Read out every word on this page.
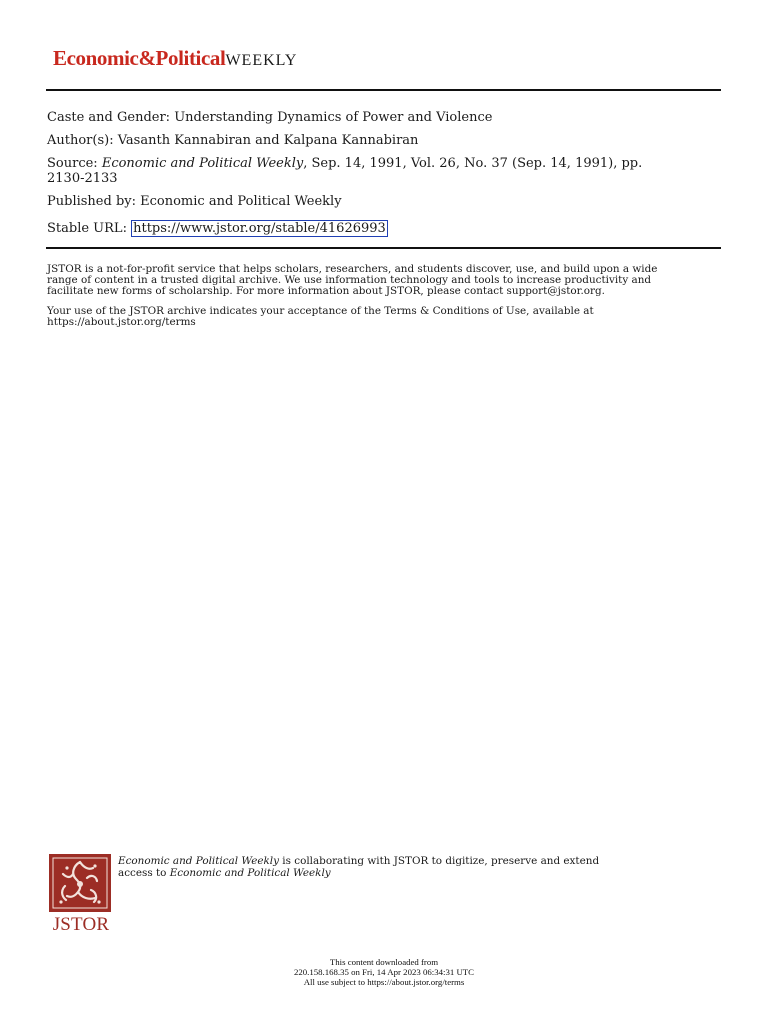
Economic&PoliticalWEEKLY
Caste and Gender: Understanding Dynamics of Power and Violence
Author(s): Vasanth Kannabiran and Kalpana Kannabiran
Source: Economic and Political Weekly, Sep. 14, 1991, Vol. 26, No. 37 (Sep. 14, 1991), pp.
2130-2133
Published by: Economic and Political Weekly
Stable URL: https://www.jstor.org/stable/41626993
JSTOR is a not-for-profit service that helps scholars, researchers, and students discover, use, and build upon a wide
range of content in a trusted digital archive. We use information technology and tools to increase productivity and
facilitate new forms of scholarship. For more information about JSTOR, please contact support@jstor.org.
Your use of the JSTOR archive indicates your acceptance of the Terms & Conditions of Use, available at
https://about.jstor.org/terms
JSTOR
Economic and Political Weekly is collaborating with JSTOR to digitize, preserve and extend
access to Economic and Political Weekly
This content downloaded from
220.158.168.35 on Fri, 14 Apr 2023 06:34:31 UTC
All use subject to https://about.jstor.org/terms
